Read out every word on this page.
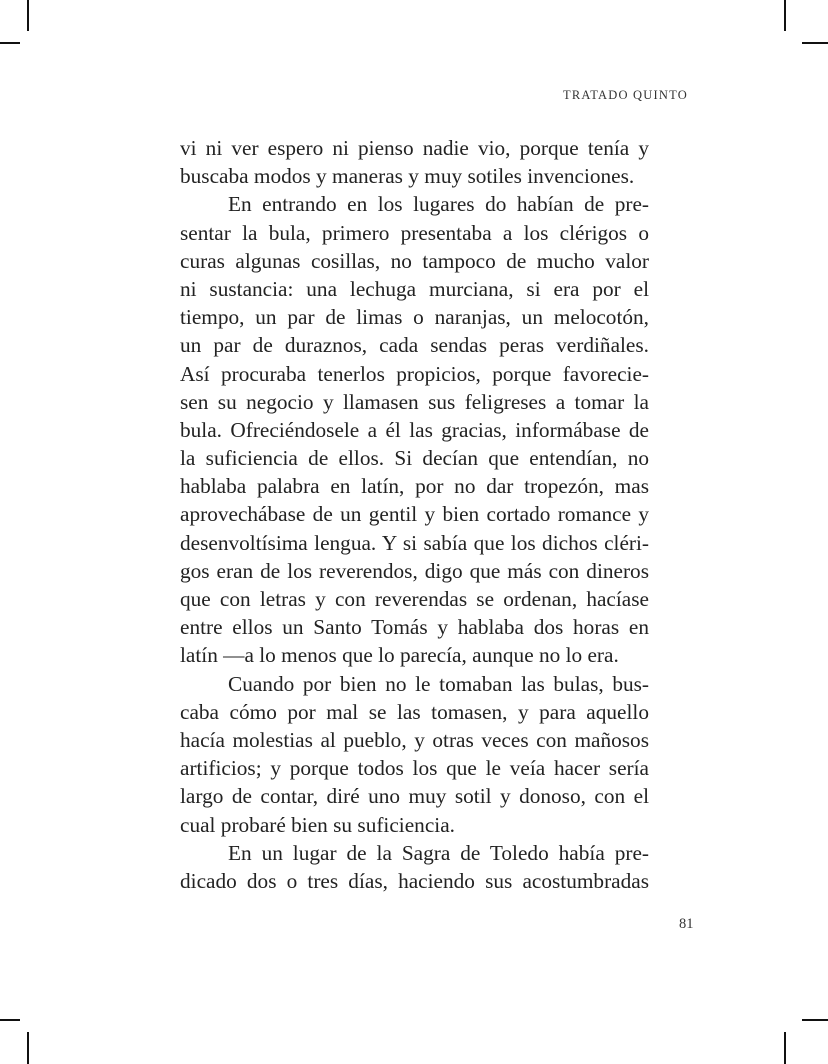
TRATADO QUINTO
vi ni ver espero ni pienso nadie vio, porque tenía y
buscaba modos y maneras y muy sotiles invenciones.
En entrando en los lugares do habían de pre-
sentar la bula, primero presentaba a los clérigos o
curas algunas cosillas, no tampoco de mucho valor
ni sustancia: una lechuga murciana, si era por el
tiempo, un par de limas o naranjas, un melocotón,
un par de duraznos, cada sendas peras verdiñales.
Así procuraba tenerlos propicios, porque favorecie-
sen su negocio y llamasen sus feligreses a tomar la
bula. Ofreciéndosele a él las gracias, informábase de
la suficiencia de ellos. Si decían que entendían, no
hablaba palabra en latín, por no dar tropezón, mas
aprovechábase de un gentil y bien cortado romance y
desenvoltísima lengua. Y si sabía que los dichos cléri-
gos eran de los reverendos, digo que más con dineros
que con letras y con reverendas se ordenan, hacíase
entre ellos un Santo Tomás y hablaba dos horas en
latín —a lo menos que lo parecía, aunque no lo era.
Cuando por bien no le tomaban las bulas, bus-
caba cómo por mal se las tomasen, y para aquello
hacía molestias al pueblo, y otras veces con mañosos
artificios; y porque todos los que le veía hacer sería
largo de contar, diré uno muy sotil y donoso, con el
cual probaré bien su suficiencia.
En un lugar de la Sagra de Toledo había pre-
dicado dos o tres días, haciendo sus acostumbradas
81
